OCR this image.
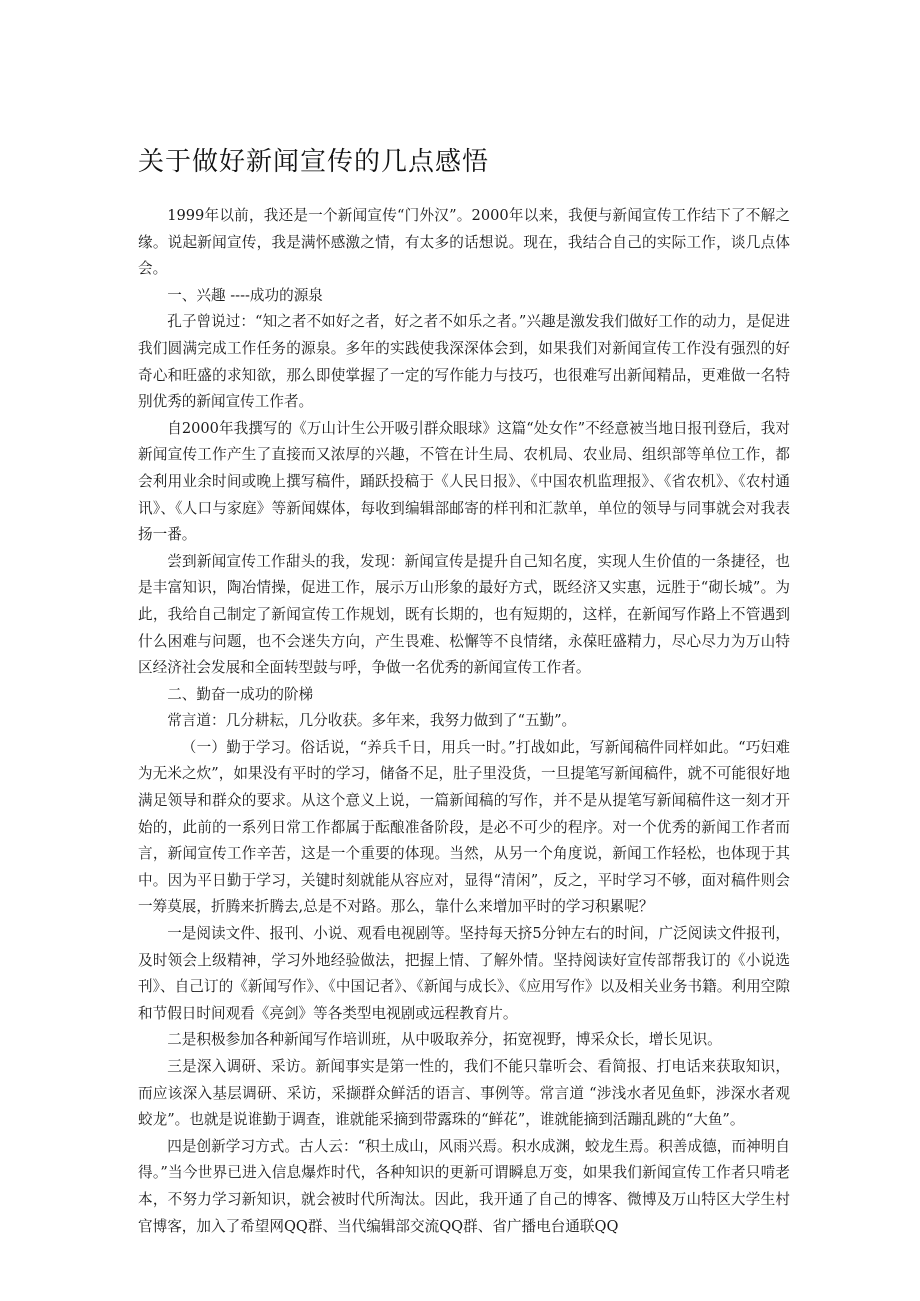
关于做好新闻宣传的几点感悟

1999年以前，我还是一个新闻宣传“门外汉”。2000年以来，我便与新闻宣传工作结下了不解之缘。说起新闻宣传，我是满怀感激之情，有太多的话想说。现在，我结合自己的实际工作，谈几点体会。

一、兴趣 ----成功的源泉

孔子曾说过：“知之者不如好之者，好之者不如乐之者。”兴趣是激发我们做好工作的动力，是促进我们圆满完成工作任务的源泉。多年的实践使我深深体会到，如果我们对新闻宣传工作没有强烈的好奇心和旺盛的求知欲，那么即使掌握了一定的写作能力与技巧，也很难写出新闻精品，更难做一名特别优秀的新闻宣传工作者。

自2000年我撰写的《万山计生公开吸引群众眼球》这篇“处女作”不经意被当地日报刊登后，我对新闻宣传工作产生了直接而又浓厚的兴趣，不管在计生局、农机局、农业局、组织部等单位工作，都会利用业余时间或晚上撰写稿件，踊跃投稿于《人民日报》、《中国农机监理报》、《省农机》、《农村通讯》、《人口与家庭》等新闻媒体，每收到编辑部邮寄的样刊和汇款单，单位的领导与同事就会对我表扬一番。

尝到新闻宣传工作甜头的我，发现：新闻宣传是提升自己知名度，实现人生价值的一条捷径，也是丰富知识，陶冶情操，促进工作，展示万山形象的最好方式，既经济又实惠，远胜于“砌长城”。为此，我给自己制定了新闻宣传工作规划，既有长期的，也有短期的，这样，在新闻写作路上不管遇到什么困难与问题，也不会迷失方向，产生畏难、松懈等不良情绪，永葆旺盛精力，尽心尽力为万山特区经济社会发展和全面转型鼓与呼，争做一名优秀的新闻宣传工作者。

二、勤奋一成功的阶梯

常言道：几分耕耘，几分收获。多年来，我努力做到了“五勤”。

（一）勤于学习。俗话说，“养兵千日，用兵一时。”打战如此，写新闻稿件同样如此。“巧妇难为无米之炊”，如果没有平时的学习，储备不足，肚子里没货，一旦提笔写新闻稿件，就不可能很好地满足领导和群众的要求。从这个意义上说，一篇新闻稿的写作，并不是从提笔写新闻稿件这一刻才开始的，此前的一系列日常工作都属于酝酿准备阶段，是必不可少的程序。对一个优秀的新闻工作者而言，新闻宣传工作辛苦，这是一个重要的体现。当然，从另一个角度说，新闻工作轻松，也体现于其中。因为平日勤于学习，关键时刻就能从容应对，显得“清闲”，反之，平时学习不够，面对稿件则会一筹莫展，折腾来折腾去,总是不对路。那么，靠什么来增加平时的学习积累呢？

一是阅读文件、报刊、小说、观看电视剧等。坚持每天挤5分钟左右的时间，广泛阅读文件报刊，及时领会上级精神，学习外地经验做法，把握上情、了解外情。坚持阅读好宣传部帮我订的《小说选刊》、自己订的《新闻写作》、《中国记者》、《新闻与成长》、《应用写作》以及相关业务书籍。利用空隙和节假日时间观看《亮剑》等各类型电视剧或远程教育片。

二是积极参加各种新闻写作培训班，从中吸取养分，拓宽视野，博采众长，增长见识。

三是深入调研、采访。新闻事实是第一性的，我们不能只靠听会、看简报、打电话来获取知识，而应该深入基层调研、采访，采撷群众鲜活的语言、事例等。常言道 “涉浅水者见鱼虾，涉深水者观蛟龙”。也就是说谁勤于调查，谁就能采摘到带露珠的“鲜花”，谁就能摘到活蹦乱跳的“大鱼”。

四是创新学习方式。古人云：“积土成山，风雨兴焉。积水成渊，蛟龙生焉。积善成德，而神明自得。”当今世界已进入信息爆炸时代，各种知识的更新可谓瞬息万变，如果我们新闻宣传工作者只啃老本，不努力学习新知识，就会被时代所淘汰。因此，我开通了自己的博客、微博及万山特区大学生村官博客，加入了希望网QQ群、当代编辑部交流QQ群、省广播电台通联QQ
